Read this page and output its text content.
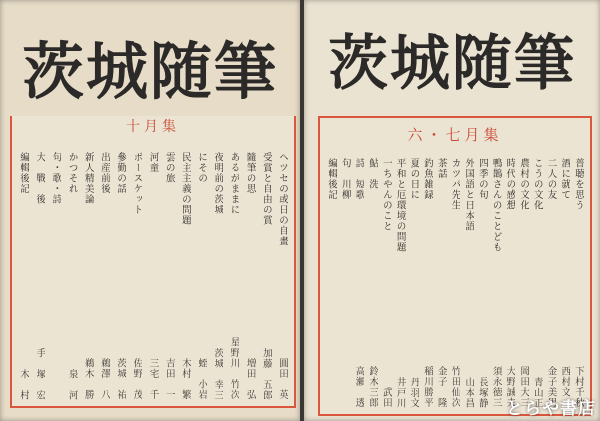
茨城随筆
十月集
ヘツセの或日の自畫
圓田　英
受賞と自由の賞
加藤　五郎
隨筆の思
増田　弘
あるがままに
星野川　竹次
夜明前の茨城
茨城　幸三
にその
蛭　小岩
民主主義の問題
木村　繁
雲の旅
吉田　一
河童
三宅　千
ボースケット
佐野　茂
參勤の話
茨城　祐
出産前後
鵜澤　八
新人精美論
鵜木　勝
かつそれ
泉　河
句・歌・詩
大　戰　後
手　塚　宏
編輯後記
木　村
茨城随筆
六・七月集
普聴を思う
下村千秋
酒に就て
西村文一
二人の友
金子美男
こうの文化
青山正
農村の文化
岡田大三
時代の感想
大野誠夫
鴨鵲さんのことども
須永徳三
四季の旬
長塚静
外国語と日本語
山本昌
カツパ先生
竹田仙次
茶話
金子　隆
釣魚雑録
稲川勝平
夏の日に
丹羽文
平和と厄環境の問題
井戸川
一ちやんのこと
武田
鮎　洗
鈴木三郎
詩　短歌
高瀬　透
句　川柳
編輯後記
とらや書店
